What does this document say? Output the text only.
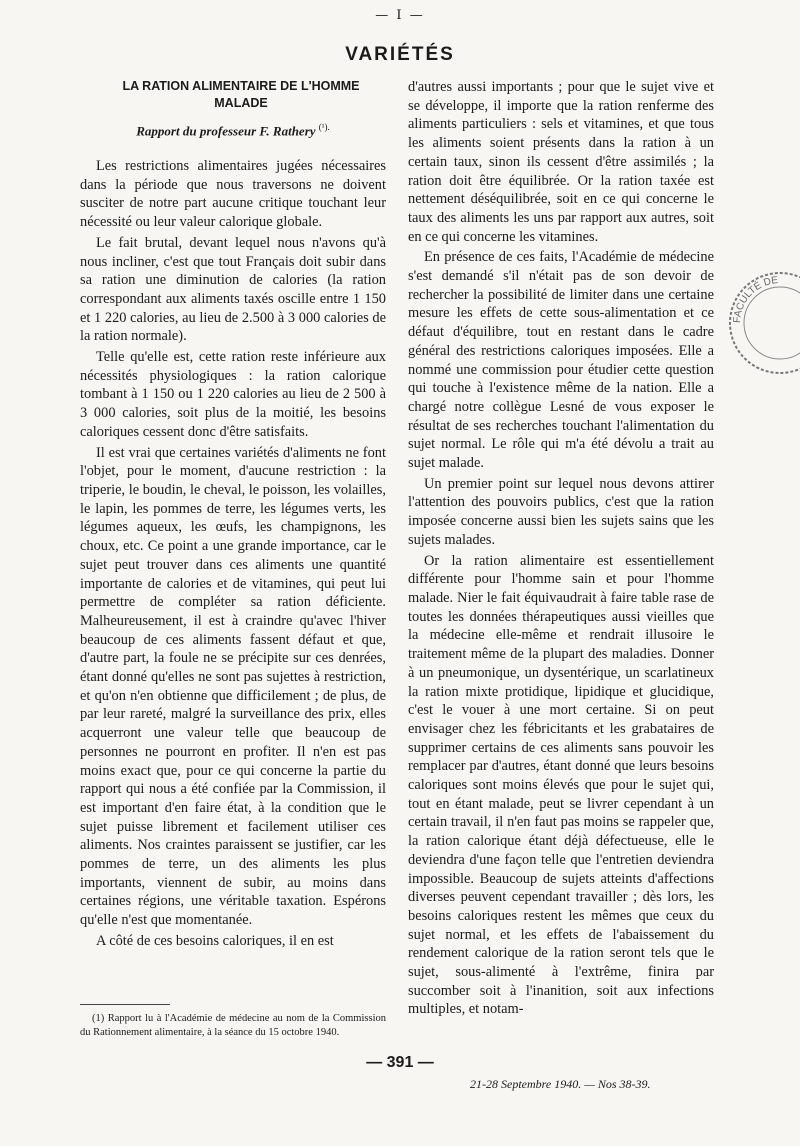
— I —
VARIÉTÉS

LA RATION ALIMENTAIRE DE L'HOMME

MALADE

Rapport du professeur F. Rathery $^{(^1).}$

Les restrictions alimentaires jugées nécessaires dans la période que nous traversons ne doivent susciter de notre part aucune critique touchant leur nécessité ou leur valeur calorique globale.

Le fait brutal, devant lequel nous n'avons qu'à nous incliner, c'est que tout Français doit subir dans sa ration une diminution de calories (la ration correspondant aux aliments taxés oscille entre 1 150 et 1 220 calories, au lieu de 2.500 à 3 000 calories de la ration normale).

Telle qu'elle est, cette ration reste inférieure aux nécessités physiologiques : la ration calorique tombant à 1 150 ou 1 220 calories au lieu de 2 500 à 3 000 calories, soit plus de la moitié, les besoins caloriques cessent donc d'être satisfaits.

Il est vrai que certaines variétés d'aliments ne font l'objet, pour le moment, d'aucune restriction : la triperie, le boudin, le cheval, le poisson, les volailles, le lapin, les pommes de terre, les légumes verts, les légumes aqueux, les œufs, les champignons, les choux, etc. Ce point a une grande importance, car le sujet peut trouver dans ces aliments une quantité importante de calories et de vitamines, qui peut lui permettre de compléter sa ration déficiente. Malheureusement, il est à craindre qu'avec l'hiver beaucoup de ces aliments fassent défaut et que, d'autre part, la foule ne se précipite sur ces denrées, étant donné qu'elles ne sont pas sujettes à restriction, et qu'on n'en obtienne que difficilement ; de plus, de par leur rareté, malgré la surveillance des prix, elles acquerront une valeur telle que beaucoup de personnes ne pourront en profiter. Il n'en est pas moins exact que, pour ce qui concerne la partie du rapport qui nous a été confiée par la Commission, il est important d'en faire état, à la condition que le sujet puisse librement et facilement utiliser ces aliments. Nos craintes paraissent se justifier, car les pommes de terre, un des aliments les plus importants, viennent de subir, au moins dans certaines régions, une véritable taxation. Espérons qu'elle n'est que momentanée.

A côté de ces besoins caloriques, il en est

d'autres aussi importants ; pour que le sujet vive et se développe, il importe que la ration renferme des aliments particuliers : sels et vitamines, et que tous les aliments soient présents dans la ration à un certain taux, sinon ils cessent d'être assimilés ; la ration doit être équilibrée. Or la ration taxée est nettement déséquilibrée, soit en ce qui concerne le taux des aliments les uns par rapport aux autres, soit en ce qui concerne les vitamines.

En présence de ces faits, l'Académie de médecine s'est demandé s'il n'était pas de son devoir de rechercher la possibilité de limiter dans une certaine mesure les effets de cette sous-alimentation et ce défaut d'équilibre, tout en restant dans le cadre général des restrictions caloriques imposées. Elle a nommé une commission pour étudier cette question qui touche à l'existence même de la nation. Elle a chargé notre collègue Lesné de vous exposer le résultat de ses recherches touchant l'alimentation du sujet normal. Le rôle qui m'a été dévolu a trait au sujet malade.

Un premier point sur lequel nous devons attirer l'attention des pouvoirs publics, c'est que la ration imposée concerne aussi bien les sujets sains que les sujets malades.

Or la ration alimentaire est essentiellement différente pour l'homme sain et pour l'homme malade. Nier le fait équivaudrait à faire table rase de toutes les données thérapeutiques aussi vieilles que la médecine elle-même et rendrait illusoire le traitement même de la plupart des maladies. Donner à un pneumonique, un dysentérique, un scarlatineux la ration mixte protidique, lipidique et glucidique, c'est le vouer à une mort certaine. Si on peut envisager chez les fébricitants et les grabataires de supprimer certains de ces aliments sans pouvoir les remplacer par d'autres, étant donné que leurs besoins caloriques sont moins élevés que pour le sujet qui, tout en étant malade, peut se livrer cependant à un certain travail, il n'en faut pas moins se rappeler que, la ration calorique étant déjà défectueuse, elle le deviendra d'une façon telle que l'entretien deviendra impossible. Beaucoup de sujets atteints d'affections diverses peuvent cependant travailler ; dès lors, les besoins caloriques restent les mêmes que ceux du sujet normal, et les effets de l'abaissement du rendement calorique de la ration seront tels que le sujet, sous-alimenté à l'extrême, finira par succomber soit à l'inanition, soit aux infections multiples, et notam-

(1) Rapport lu à l'Académie de médecine au nom de la Commission du Rationnement alimentaire, à la séance du 15 octobre 1940.

— 391 —
21-28 Septembre 1940. — Nos 38-39.
FACULTÉ DE
